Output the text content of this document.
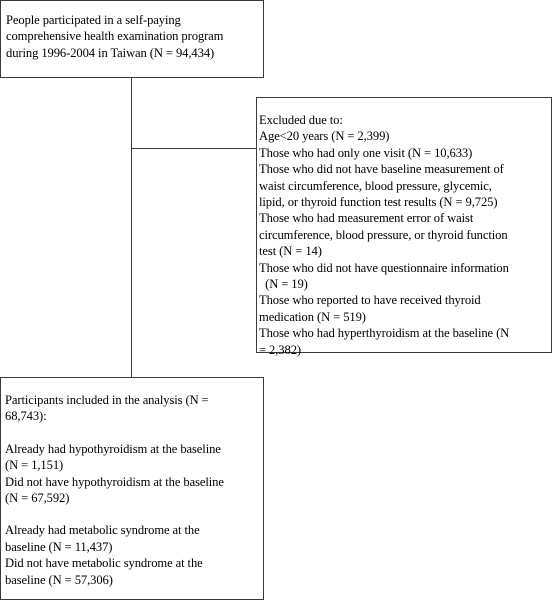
People participated in a self-paying
comprehensive health examination program
during 1996-2004 in Taiwan (N = 94,434)
Excluded due to:
Age<20 years (N = 2,399)
Those who had only one visit (N = 10,633)
Those who did not have baseline measurement of
waist circumference, blood pressure, glycemic,
lipid, or thyroid function test results (N = 9,725)
Those who had measurement error of waist
circumference, blood pressure, or thyroid function
test (N = 14)
Those who did not have questionnaire information
(N = 19)
Those who reported to have received thyroid
medication (N = 519)
Those who had hyperthyroidism at the baseline (N
= 2,382)
Participants included in the analysis (N =
68,743):
Already had hypothyroidism at the baseline
(N = 1,151)
Did not have hypothyroidism at the baseline
(N = 67,592)
Already had metabolic syndrome at the
baseline (N = 11,437)
Did not have metabolic syndrome at the
baseline (N = 57,306)
